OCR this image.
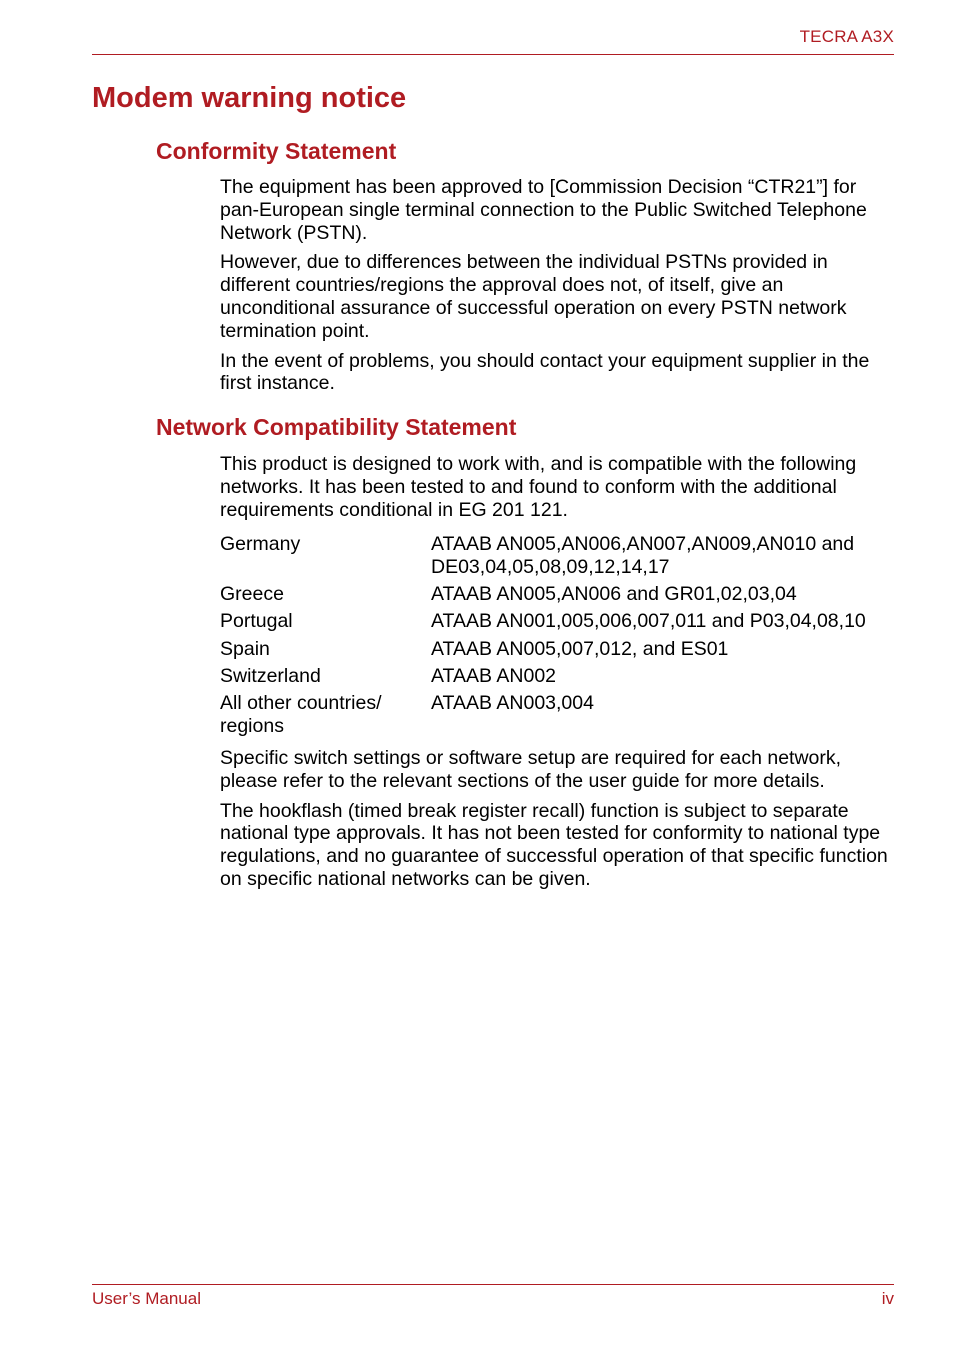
TECRA A3X
Modem warning notice
Conformity Statement

The equipment has been approved to [Commission Decision “CTR21”] for pan-European single terminal connection to the Public Switched Telephone Network (PSTN).

However, due to differences between the individual PSTNs provided in different countries/regions the approval does not, of itself, give an unconditional assurance of successful operation on every PSTN network termination point.

In the event of problems, you should contact your equipment supplier in the first instance.

Network Compatibility Statement

This product is designed to work with, and is compatible with the following networks. It has been tested to and found to conform with the additional requirements conditional in EG 201 121.

Germany	ATAAB AN005,AN006,AN007,AN009,AN010 and DE03,04,05,08,09,12,14,17
Greece	ATAAB AN005,AN006 and GR01,02,03,04
Portugal	ATAAB AN001,005,006,007,011 and P03,04,08,10
Spain	ATAAB AN005,007,012, and ES01
Switzerland	ATAAB AN002
All other countries/ regions	ATAAB AN003,004

Specific switch settings or software setup are required for each network, please refer to the relevant sections of the user guide for more details.

The hookflash (timed break register recall) function is subject to separate national type approvals. It has not been tested for conformity to national type regulations, and no guarantee of successful operation of that specific function on specific national networks can be given.

User’s Manual	iv
